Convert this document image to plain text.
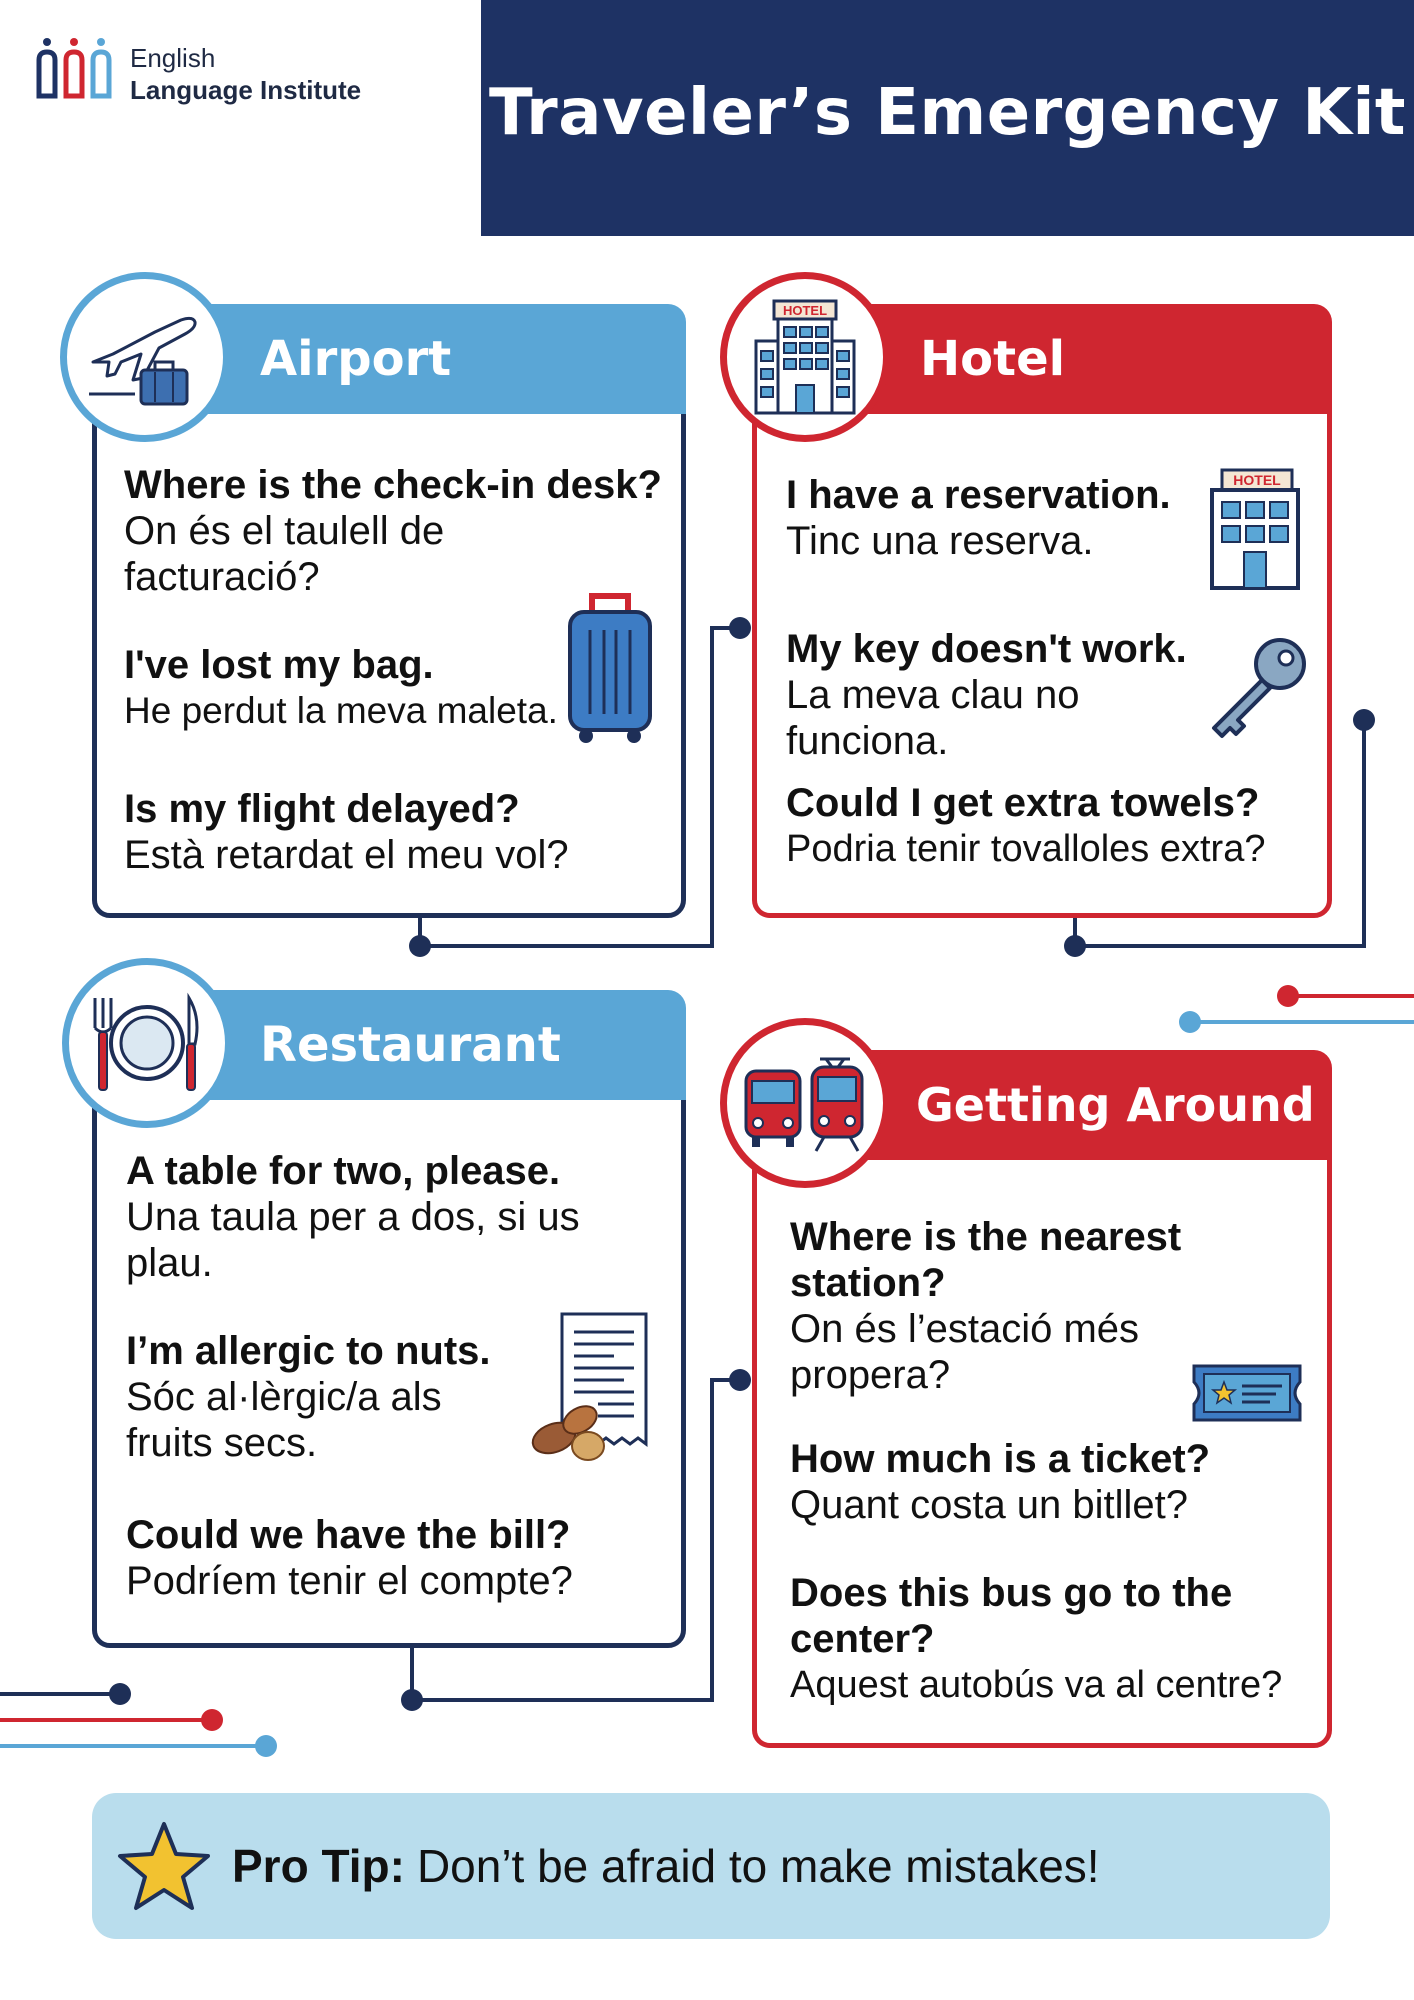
English
Language Institute Traveler’s Emergency Kit
Airport
Where is the check-in desk?
On és el taulell de facturació?
I've lost my bag.
He perdut la meva maleta.
Is my flight delayed?
Està retardat el meu vol?
Hotel
HOTEL
I have a reservation.
Tinc una reserva.
HOTEL
My key doesn't work.
La meva clau no funciona.
Could I get extra towels?
Podria tenir tovalloles extra?
Restaurant
A table for two, please.
Una taula per a dos, si us plau.
I’m allergic to nuts.
Sóc al·lèrgic/a als fruits secs.
Could we have the bill?
Podríem tenir el compte?
Getting Around
Where is the nearest station?
On és l’estació més propera?
How much is a ticket?
Quant costa un bitllet?
Does this bus go to the center?
Aquest autobús va al centre?
Pro Tip: Don’t be afraid to make mistakes!
